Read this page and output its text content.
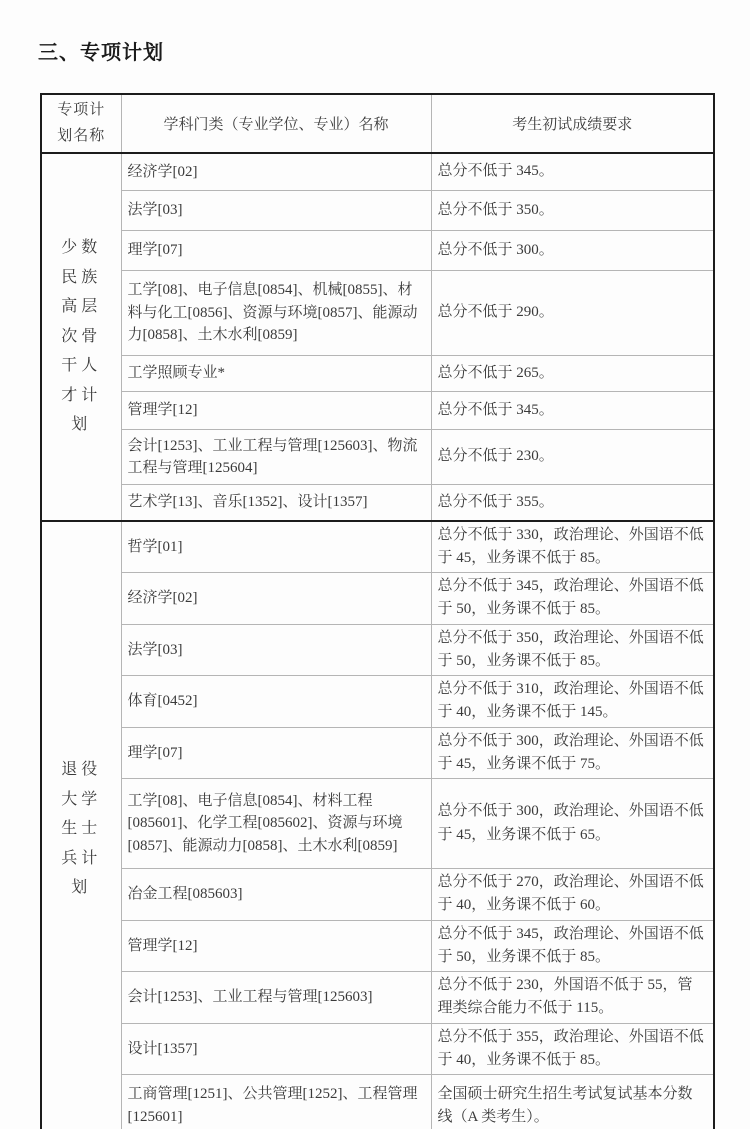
三、专项计划
专项计划名称	学科门类（专业学位、专业）名称	考生初试成绩要求
少数民族高层次骨干人才计划	经济学[02]	总分不低于 345。
	法学[03]	总分不低于 350。
	理学[07]	总分不低于 300。
	工学[08]、电子信息[0854]、机械[0855]、材料与化工[0856]、资源与环境[0857]、能源动力[0858]、土木水利[0859]	总分不低于 290。
	工学照顾专业*	总分不低于 265。
	管理学[12]	总分不低于 345。
	会计[1253]、工业工程与管理[125603]、物流工程与管理[125604]	总分不低于 230。
	艺术学[13]、音乐[1352]、设计[1357]	总分不低于 355。
退役大学生士兵计划	哲学[01]	总分不低于 330，政治理论、外国语不低于 45，业务课不低于 85。
	经济学[02]	总分不低于 345，政治理论、外国语不低于 50，业务课不低于 85。
	法学[03]	总分不低于 350，政治理论、外国语不低于 50，业务课不低于 85。
	体育[0452]	总分不低于 310，政治理论、外国语不低于 40，业务课不低于 145。
	理学[07]	总分不低于 300，政治理论、外国语不低于 45，业务课不低于 75。
	工学[08]、电子信息[0854]、材料工程[085601]、化学工程[085602]、资源与环境[0857]、能源动力[0858]、土木水利[0859]	总分不低于 300，政治理论、外国语不低于 45，业务课不低于 65。
	冶金工程[085603]	总分不低于 270，政治理论、外国语不低于 40，业务课不低于 60。
	管理学[12]	总分不低于 345，政治理论、外国语不低于 50，业务课不低于 85。
	会计[1253]、工业工程与管理[125603]	总分不低于 230，外国语不低于 55，管理类综合能力不低于 115。
	设计[1357]	总分不低于 355，政治理论、外国语不低于 40，业务课不低于 85。
	工商管理[1251]、公共管理[1252]、工程管理[125601]	全国硕士研究生招生考试复试基本分数线（A 类考生）。
